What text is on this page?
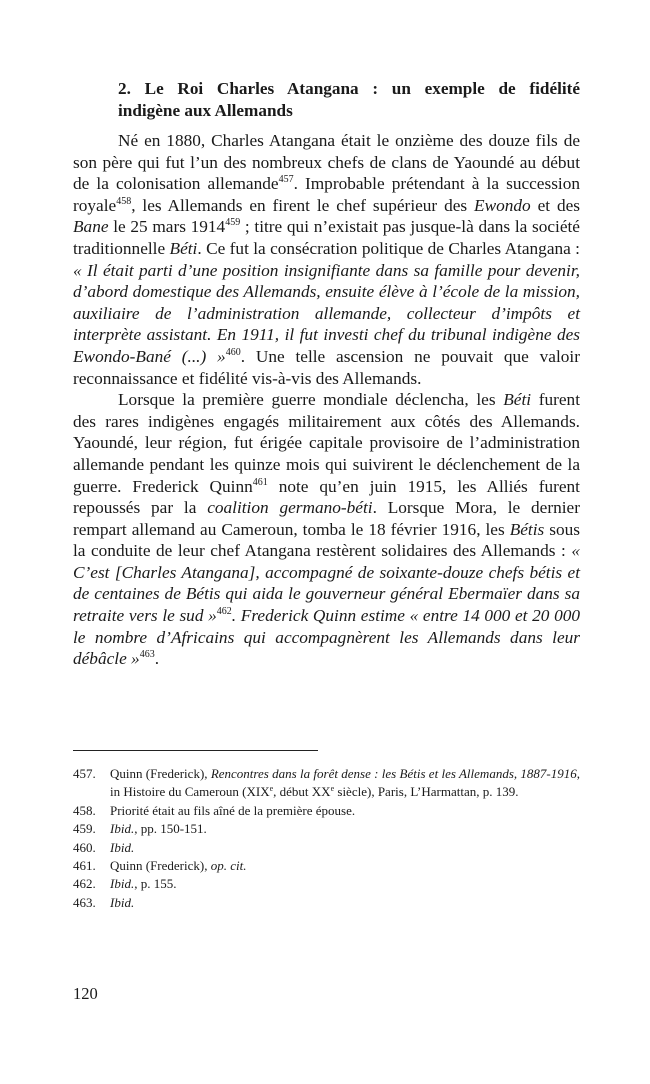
2. Le Roi Charles Atangana : un exemple de fidélité
indigène aux Allemands

Né en 1880, Charles Atangana était le onzième des douze fils de son père qui fut l’un des nombreux chefs de clans de Yaoundé au début de la colonisation allemande$^{457}$. Improbable prétendant à la succession royale$^{458}$, les Allemands en firent le chef supérieur des Ewondo et des Bane le 25 mars 1914$^{459}$ ; titre qui n’existait pas jusque-là dans la société traditionnelle Béti. Ce fut la consécration politique de Charles Atangana : « Il était parti d’une position insignifiante dans sa famille pour devenir, d’abord domestique des Allemands, ensuite élève à l’école de la mission, auxiliaire de l’administration allemande, collecteur d’impôts et interprète assistant. En 1911, il fut investi chef du tribunal indigène des Ewondo-Bané (...) »$^{460}$. Une telle ascension ne pouvait que valoir reconnaissance et fidélité vis-à-vis des Allemands.

Lorsque la première guerre mondiale déclencha, les Béti furent des rares indigènes engagés militairement aux côtés des Allemands. Yaoundé, leur région, fut érigée capitale provisoire de l’administration allemande pendant les quinze mois qui suivirent le déclenchement de la guerre. Frederick Quinn$^{461}$ note qu’en juin 1915, les Alliés furent repoussés par la coalition germano-béti. Lorsque Mora, le dernier rempart allemand au Cameroun, tomba le 18 février 1916, les Bétis sous la conduite de leur chef Atangana restèrent solidaires des Allemands : « C’est [Charles Atangana], accompagné de soixante-douze chefs bétis et de centaines de Bétis qui aida le gouverneur général Ebermaïer dans sa retraite vers le sud »$^{462}$. Frederick Quinn estime « entre 14 000 et 20 000 le nombre d’Africains qui accompagnèrent les Allemands dans leur débâcle »$^{463}$.

457.	Quinn (Frederick), Rencontres dans la forêt dense : les Bétis et les Allemands, 1887-1916, in Histoire du Cameroun (XIXe, début XXe siècle), Paris, L’Harmattan, p. 139.
458.	Priorité était au fils aîné de la première épouse.
459.	Ibid., pp. 150-151.
460.	Ibid.
461.	Quinn (Frederick), op. cit.
462.	Ibid., p. 155.
463.	Ibid.
120
